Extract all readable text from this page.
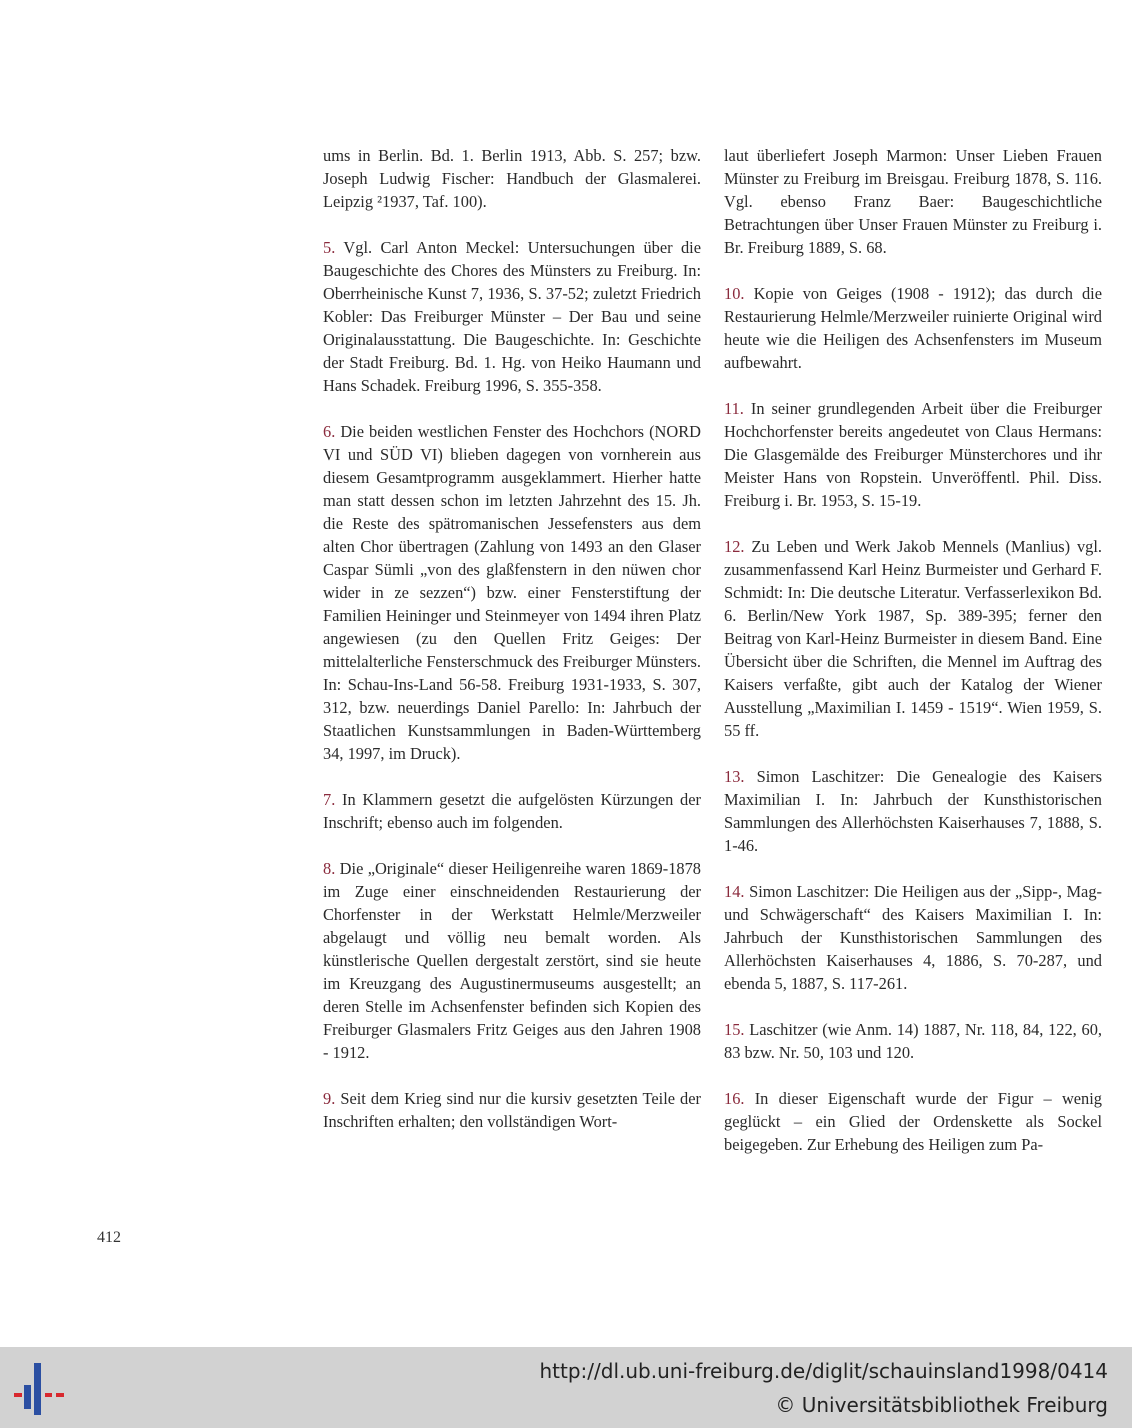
ums in Berlin. Bd. 1. Berlin 1913, Abb. S. 257; bzw. Joseph Ludwig Fischer: Handbuch der Glasmalerei. Leipzig ²1937, Taf. 100).

5. Vgl. Carl Anton Meckel: Untersuchungen über die Baugeschichte des Chores des Münsters zu Freiburg. In: Oberrheinische Kunst 7, 1936, S. 37-52; zuletzt Friedrich Kobler: Das Freiburger Münster – Der Bau und seine Originalausstattung. Die Baugeschichte. In: Geschichte der Stadt Freiburg. Bd. 1. Hg. von Heiko Haumann und Hans Schadek. Freiburg 1996, S. 355-358.

6. Die beiden westlichen Fenster des Hochchors (NORD VI und SÜD VI) blieben dagegen von vornherein aus diesem Gesamtprogramm ausgeklammert. Hierher hatte man statt dessen schon im letzten Jahrzehnt des 15. Jh. die Reste des spätromanischen Jessefensters aus dem alten Chor übertragen (Zahlung von 1493 an den Glaser Caspar Sümli „von des glaßfenstern in den nüwen chor wider in ze sezzen“) bzw. einer Fensterstiftung der Familien Heininger und Steinmeyer von 1494 ihren Platz angewiesen (zu den Quellen Fritz Geiges: Der mittelalterliche Fensterschmuck des Freiburger Münsters. In: Schau-Ins-Land 56-58. Freiburg 1931-1933, S. 307, 312, bzw. neuerdings Daniel Parello: In: Jahrbuch der Staatlichen Kunstsammlungen in Baden-Württemberg 34, 1997, im Druck).

7. In Klammern gesetzt die aufgelösten Kürzungen der Inschrift; ebenso auch im folgenden.

8. Die „Originale“ dieser Heiligenreihe waren 1869-1878 im Zuge einer einschneidenden Restaurierung der Chorfenster in der Werkstatt Helmle/Merzweiler abgelaugt und völlig neu bemalt worden. Als künstlerische Quellen dergestalt zerstört, sind sie heute im Kreuzgang des Augustinermuseums ausgestellt; an deren Stelle im Achsenfenster befinden sich Kopien des Freiburger Glasmalers Fritz Geiges aus den Jahren 1908 - 1912.

9. Seit dem Krieg sind nur die kursiv gesetzten Teile der Inschriften erhalten; den vollständigen Wort-

laut überliefert Joseph Marmon: Unser Lieben Frauen Münster zu Freiburg im Breisgau. Freiburg 1878, S. 116. Vgl. ebenso Franz Baer: Baugeschichtliche Betrachtungen über Unser Frauen Münster zu Freiburg i. Br. Freiburg 1889, S. 68.

10. Kopie von Geiges (1908 - 1912); das durch die Restaurierung Helmle/Merzweiler ruinierte Original wird heute wie die Heiligen des Achsenfensters im Museum aufbewahrt.

11. In seiner grundlegenden Arbeit über die Freiburger Hochchorfenster bereits angedeutet von Claus Hermans: Die Glasgemälde des Freiburger Münsterchores und ihr Meister Hans von Ropstein. Unveröffentl. Phil. Diss. Freiburg i. Br. 1953, S. 15-19.

12. Zu Leben und Werk Jakob Mennels (Manlius) vgl. zusammenfassend Karl Heinz Burmeister und Gerhard F. Schmidt: In: Die deutsche Literatur. Verfasserlexikon Bd. 6. Berlin/New York 1987, Sp. 389-395; ferner den Beitrag von Karl-Heinz Burmeister in diesem Band. Eine Übersicht über die Schriften, die Mennel im Auftrag des Kaisers verfaßte, gibt auch der Katalog der Wiener Ausstellung „Maximilian I. 1459 - 1519“. Wien 1959, S. 55 ff.

13. Simon Laschitzer: Die Genealogie des Kaisers Maximilian I. In: Jahrbuch der Kunsthistorischen Sammlungen des Allerhöchsten Kaiserhauses 7, 1888, S. 1-46.

14. Simon Laschitzer: Die Heiligen aus der „Sipp-, Mag- und Schwägerschaft“ des Kaisers Maximilian I. In: Jahrbuch der Kunsthistorischen Sammlungen des Allerhöchsten Kaiserhauses 4, 1886, S. 70-287, und ebenda 5, 1887, S. 117-261.

15. Laschitzer (wie Anm. 14) 1887, Nr. 118, 84, 122, 60, 83 bzw. Nr. 50, 103 und 120.

16. In dieser Eigenschaft wurde der Figur – wenig geglückt – ein Glied der Ordenskette als Sockel beigegeben. Zur Erhebung des Heiligen zum Pa-

412
http://dl.ub.uni-freiburg.de/diglit/schauinsland1998/0414
© Universitätsbibliothek Freiburg
